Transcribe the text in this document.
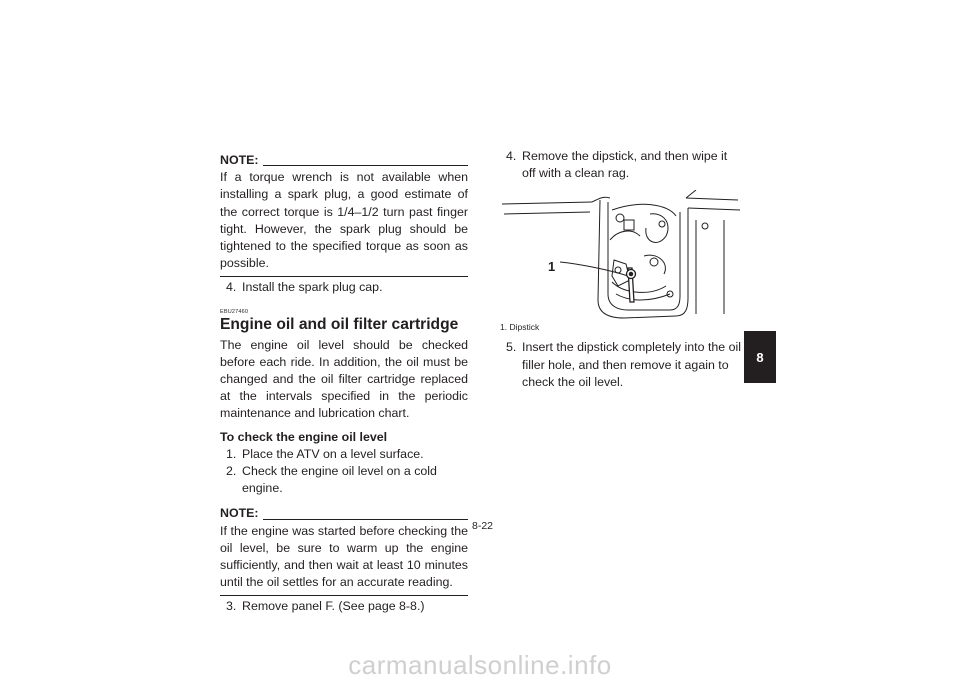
NOTE:
If a torque wrench is not available when installing a spark plug, a good estimate of the correct torque is 1/4–1/2 turn past finger tight. However, the spark plug should be tightened to the specified torque as soon as possible.
4. Install the spark plug cap.
EBU27460
Engine oil and oil filter cartridge
The engine oil level should be checked before each ride. In addition, the oil must be changed and the oil filter cartridge replaced at the intervals specified in the periodic maintenance and lubrication chart.
To check the engine oil level
1. Place the ATV on a level surface.
2. Check the engine oil level on a cold engine.
NOTE:
If the engine was started before checking the oil level, be sure to warm up the engine sufficiently, and then wait at least 10 minutes until the oil settles for an accurate reading.
3. Remove panel F. (See page 8-8.)
4. Remove the dipstick, and then wipe it off with a clean rag.
1
1. Dipstick
5. Insert the dipstick completely into the oil filler hole, and then remove it again to check the oil level.
8
8-22
carmanualsonline.info
